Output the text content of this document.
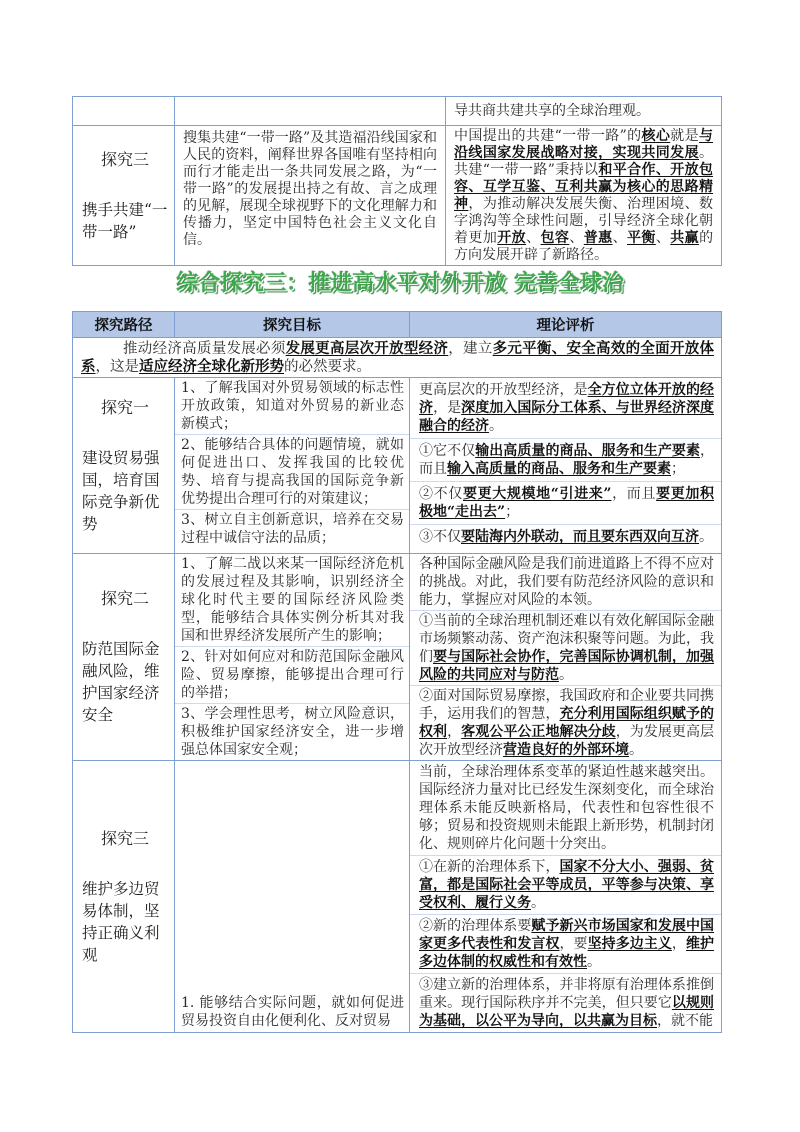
导共商共建共享的全球治理观。

探究三
携手共建“一带一路”

搜集共建“一带一路”及其造福沿线国家和人民的资料，阐释世界各国唯有坚持相向而行才能走出一条共同发展之路，为“一带一路”的发展提出持之有故、言之成理的见解，展现全球视野下的文化理解力和传播力，坚定中国特色社会主义文化自信。

中国提出的共建“一带一路”的核心就是与沿线国家发展战略对接，实现共同发展。共建“一带一路”秉持以和平合作、开放包容、互学互鉴、互利共赢为核心的思路精神，为推动解决发展失衡、治理困境、数字鸿沟等全球性问题，引导经济全球化朝着更加开放、包容、普惠、平衡、共赢的方向发展开辟了新路径。

综合探究三：推进高水平对外开放 完善全球治
探究路径	探究目标	理论评析

推动经济高质量发展必须发展更高层次开放型经济，建立多元平衡、安全高效的全面开放体系，这是适应经济全球化新形势的必然要求。

探究一
建设贸易强国，培育国际竞争新优势

1、了解我国对外贸易领域的标志性开放政策，知道对外贸易的新业态新模式；

2、能够结合具体的问题情境，就如何促进出口、发挥我国的比较优势、培育与提高我国的国际竞争新优势提出合理可行的对策建议；

3、树立自主创新意识，培养在交易过程中诚信守法的品质；

更高层次的开放型经济，是全方位立体开放的经济，是深度加入国际分工体系、与世界经济深度融合的经济。

①它不仅输出高质量的商品、服务和生产要素，而且输入高质量的商品、服务和生产要素；

②不仅要更大规模地“引进来”，而且要更加积极地“走出去”；

③不仅要陆海内外联动，而且要东西双向互济。

探究二
防范国际金融风险，维护国家经济安全

1、了解二战以来某一国际经济危机的发展过程及其影响，识别经济全球化时代主要的国际经济风险类型，能够结合具体实例分析其对我国和世界经济发展所产生的影响；

2、针对如何应对和防范国际金融风险、贸易摩擦，能够提出合理可行的举措；

3、学会理性思考，树立风险意识，积极维护国家经济安全，进一步增强总体国家安全观；

各种国际金融风险是我们前进道路上不得不应对的挑战。对此，我们要有防范经济风险的意识和能力，掌握应对风险的本领。

①当前的全球治理机制还难以有效化解国际金融市场频繁动荡、资产泡沫积聚等问题。为此，我们要与国际社会协作，完善国际协调机制，加强风险的共同应对与防范。

②面对国际贸易摩擦，我国政府和企业要共同携手，运用我们的智慧，充分利用国际组织赋予的权利，客观公平公正地解决分歧，为发展更高层次开放型经济营造良好的外部环境。

探究三
维护多边贸易体制，坚持正确义利观

1. 能够结合实际问题，就如何促进贸易投资自由化便利化、反对贸易

当前，全球治理体系变革的紧迫性越来越突出。国际经济力量对比已经发生深刻变化，而全球治理体系未能反映新格局，代表性和包容性很不够；贸易和投资规则未能跟上新形势，机制封闭化、规则碎片化问题十分突出。

①在新的治理体系下，国家不分大小、强弱、贫富，都是国际社会平等成员，平等参与决策、享受权利、履行义务。

②新的治理体系要赋予新兴市场国家和发展中国家更多代表性和发言权，要坚持多边主义，维护多边体制的权威性和有效性。

③建立新的治理体系，并非将原有治理体系推倒重来。现行国际秩序并不完美，但只要它以规则为基础，以公平为导向，以共赢为目标，就不能
